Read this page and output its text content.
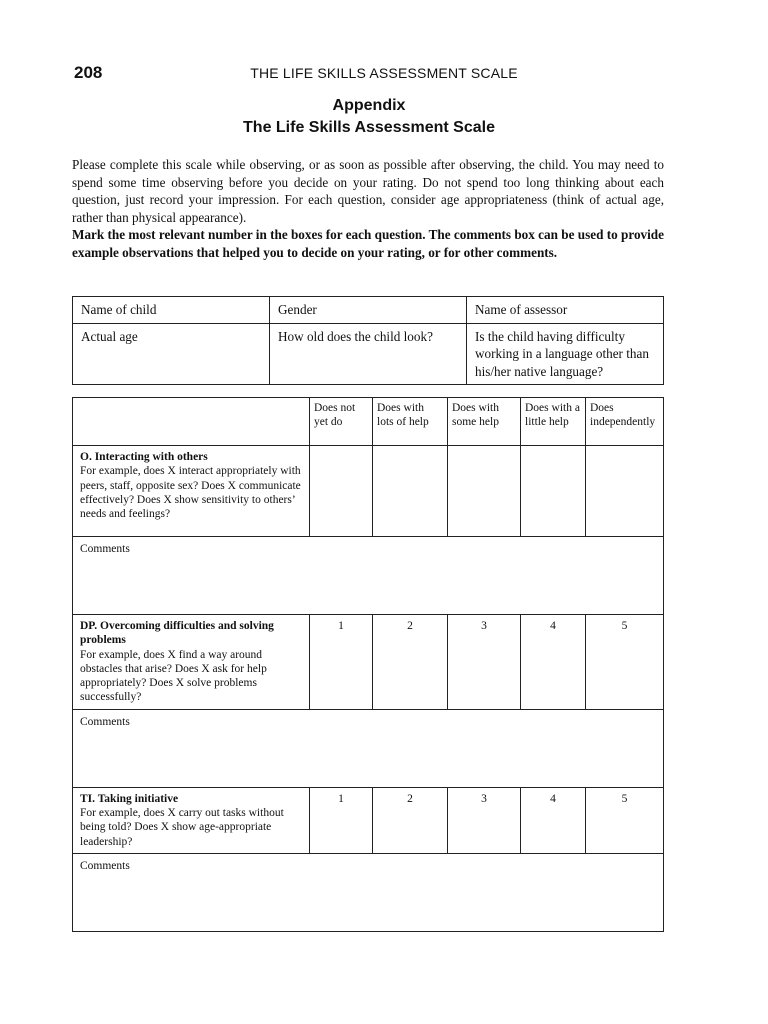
208	THE LIFE SKILLS ASSESSMENT SCALE
Appendix
The Life Skills Assessment Scale

Please complete this scale while observing, or as soon as possible after observing, the child. You may need to spend some time observing before you decide on your rating. Do not spend too long thinking about each question, just record your impression. For each question, consider age appropriateness (think of actual age, rather than physical appearance).

Mark the most relevant number in the boxes for each question. The comments box can be used to provide example observations that helped you to decide on your rating, or for other comments.

Name of child	Gender	Name of assessor
Actual age	How old does the child look?	Is the child having difficulty working in a language other than his/her native language?
	Does not yet do	Does with lots of help	Does with some help	Does with a little help	Does independently

O. Interacting with others
For example, does X interact appropriately with peers, staff, opposite sex? Does X communicate effectively? Does X show sensitivity to others’ needs and feelings?					
Comments					

DP. Overcoming difficulties and solving problems
For example, does X find a way around obstacles that arise? Does X ask for help appropriately? Does X solve problems successfully?	1	2	3	4	5
Comments					

TI. Taking initiative
For example, does X carry out tasks without being told? Does X show age-appropriate leadership?	1	2	3	4	5
Comments					
